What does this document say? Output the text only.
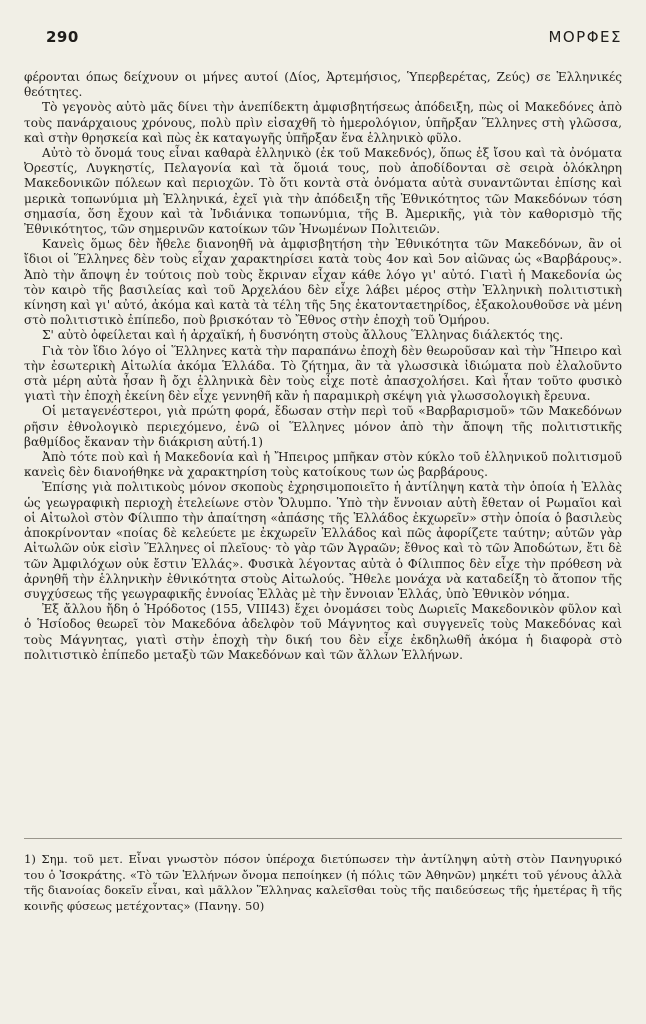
290	ΜΟΡΦΕΣ

φέρονται όπως δείχνουν οι μήνες αυτοί (Δίος, Ἀρτεμήσιος, Ὑπερβερέτας, Ζεύς) σε Ἑλληνικές θεότητες.

Τὸ γεγονὸς αὐτὸ μᾶς δίνει τὴν ἀνεπίδεκτη ἀμφισβητήσεως ἀπόδειξη, πὼς οἱ Μακεδόνες ἀπὸ τοὺς πανάρχαιους χρόνους, πολὺ πρὶν εἰσαχθῆ τὸ ἡμερολόγιον, ὑπῆρξαν Ἕλληνες στὴ γλῶσσα, καὶ στὴν θρησκεία καὶ πὼς ἐκ καταγωγῆς ὑπῆρξαν ἕνα ἑλληνικὸ φῦλο.

Αὐτὸ τὸ ὄνομά τους εἶναι καθαρὰ ἑλληνικὸ (ἐκ τοῦ Μακεδνός), ὅπως ἐξ ἴσου καὶ τὰ ὀνόματα Ὀρεστίς, Λυγκηστίς, Πελαγονία καὶ τὰ ὅμοιά τους, ποὺ ἀποδίδονται σὲ σειρὰ ὁλόκληρη Μακεδονικῶν πόλεων καὶ περιοχῶν. Τὸ ὅτι κοντὰ στὰ ὀνόματα αὐτὰ συναντῶνται ἐπίσης καὶ μερικὰ τοπωνύμια μὴ Ἑλληνικά, ἐχεῖ γιὰ τὴν ἀπόδειξη τῆς Ἐθνικότητος τῶν Μακεδόνων τόση σημασία, ὅση ἔχουν καὶ τὰ Ἰνδιάνικα τοπωνύμια, τῆς Β. Ἀμερικῆς, γιὰ τὸν καθορισμὸ τῆς Ἐθνικότητος, τῶν σημερινῶν κατοίκων τῶν Ἡνωμένων Πολιτειῶν.

Κανεὶς ὅμως δὲν ἤθελε διανοηθῆ νὰ ἀμφισβητήση τὴν Ἐθνικότητα τῶν Μακεδόνων, ἂν οἱ ἴδιοι οἱ Ἕλληνες δὲν τοὺς εἶχαν χαρακτηρίσει κατὰ τοὺς 4ον καὶ 5ον αἰῶνας ὡς «Βαρβάρους». Ἀπὸ τὴν ἄποψη ἐν τούτοις ποὺ τοὺς ἔκριναν εἶχαν κάθε λόγο γι' αὐτό. Γιατὶ ἡ Μακεδονία ὡς τὸν καιρὸ τῆς βασιλείας καὶ τοῦ Ἀρχελάου δὲν εἶχε λάβει μέρος στὴν Ἑλληνικὴ πολιτιστικὴ κίνηση καὶ γι' αὐτό, ἀκόμα καὶ κατὰ τὰ τέλη τῆς 5ης ἑκατονταετηρίδος, ἐξακολουθοῦσε νὰ μένη στὸ πολιτιστικὸ ἐπίπεδο, ποὺ βρισκόταν τὸ Ἔθνος στὴν ἐποχὴ τοῦ Ὁμήρου.

Σ' αὐτὸ ὀφείλεται καὶ ἡ ἀρχαϊκή, ἡ δυσνόητη στοὺς ἄλλους Ἕλληνας διάλεκτός της.

Γιὰ τὸν ἴδιο λόγο οἱ Ἕλληνες κατὰ τὴν παραπάνω ἐποχὴ δὲν θεωροῦσαν καὶ τὴν Ἤπειρο καὶ τὴν ἐσωτερικὴ Αἰτωλία ἀκόμα Ἑλλάδα. Τὸ ζήτημα, ἂν τὰ γλωσσικὰ ἰδιώματα ποὺ ἐλαλοῦντο στὰ μέρη αὐτὰ ἦσαν ἢ ὄχι ἑλληνικὰ δὲν τοὺς εἶχε ποτὲ ἀπασχολήσει. Καὶ ἦταν τοῦτο φυσικὸ γιατὶ τὴν ἐποχὴ ἐκείνη δὲν εἶχε γεννηθῆ κἂν ἡ παραμικρὴ σκέψη γιὰ γλωσσολογικὴ ἔρευνα.

Οἱ μεταγενέστεροι, γιὰ πρώτη φορά, ἔδωσαν στὴν περὶ τοῦ «Βαρβαρισμοῦ» τῶν Μακεδόνων ρῆσιν ἐθνολογικὸ περιεχόμενο, ἐνῶ οἱ Ἕλληνες μόνον ἀπὸ τὴν ἄποψη τῆς πολιτιστικῆς βαθμίδος ἔκαναν τὴν διάκριση αὐτή.1)

Ἀπὸ τότε ποὺ καὶ ἡ Μακεδονία καὶ ἡ Ἤπειρος μπῆκαν στὸν κύκλο τοῦ ἑλληνικοῦ πολιτισμοῦ κανεὶς δὲν διανοήθηκε νὰ χαρακτηρίση τοὺς κατοίκους των ὡς βαρβάρους.

Ἐπίσης γιὰ πολιτικοὺς μόνον σκοποὺς ἐχρησιμοποιεῖτο ἡ ἀντίληψη κατὰ τὴν ὁποία ἡ Ἑλλὰς ὡς γεωγραφικὴ περιοχὴ ἐτελείωνε στὸν Ὄλυμπο. Ὑπὸ τὴν ἔννοιαν αὐτὴ ἔθεταν οἱ Ρωμαῖοι καὶ οἱ Αἰτωλοὶ στὸν Φίλιππο τὴν ἀπαίτηση «ἀπάσης τῆς Ἑλλάδος ἐκχωρεῖν» στὴν ὁποία ὁ βασιλεὺς ἀποκρίνονταν «ποίας δὲ κελεύετε με ἐκχωρεῖν Ἑλλάδος καὶ πῶς ἀφορίζετε ταύτην; αὐτῶν γὰρ Αἰτωλῶν οὐκ εἰσὶν Ἕλληνες οἱ πλεῖους· τὸ γὰρ τῶν Ἀγραῶν; ἔθνος καὶ τὸ τῶν Ἀποδώτων, ἔτι δὲ τῶν Ἀμφιλόχων οὐκ ἔστιν Ἑλλάς». Φυσικὰ λέγοντας αὐτὰ ὁ Φίλιππος δὲν εἶχε τὴν πρόθεση νὰ ἀρνηθῆ τὴν ἑλληνικὴν ἐθνικότητα στοὺς Αἰτωλούς. Ἤθελε μονάχα νὰ καταδείξη τὸ ἄτοπον τῆς συγχύσεως τῆς γεωγραφικῆς ἐννοίας Ἑλλὰς μὲ τὴν ἔννοιαν Ἑλλάς, ὑπὸ Ἐθνικὸν νόημα.

Ἐξ ἄλλου ἤδη ὁ Ἡρόδοτος (155, VIII43) ἔχει ὀνομάσει τοὺς Δωριεῖς Μακεδονικὸν φῦλον καὶ ὁ Ἡσίοδος θεωρεῖ τὸν Μακεδόνα ἀδελφὸν τοῦ Μάγνητος καὶ συγγενεῖς τοὺς Μακεδόνας καὶ τοὺς Μάγνητας, γιατὶ στὴν ἐποχὴ τὴν δική του δὲν εἶχε ἐκδηλωθῆ ἀκόμα ἡ διαφορὰ στὸ πολιτιστικὸ ἐπίπεδο μεταξὺ τῶν Μακεδόνων καὶ τῶν ἄλλων Ἑλλήνων.

1) Σημ. τοῦ μετ. Εἶναι γνωστὸν πόσον ὑπέροχα διετύπωσεν τὴν ἀντίληψη αὐτὴ στὸν Πανηγυρικό του ὁ Ἰσοκράτης. «Τὸ τῶν Ἑλλήνων ὄνομα πεποίηκεν (ἡ πόλις τῶν Ἀθηνῶν) μηκέτι τοῦ γένους ἀλλὰ τῆς διανοίας δοκεῖν εἶναι, καὶ μᾶλλον Ἕλληνας καλεῖσθαι τοὺς τῆς παιδεύσεως τῆς ἡμετέρας ἢ τῆς κοινῆς φύσεως μετέχοντας» (Πανηγ. 50)
